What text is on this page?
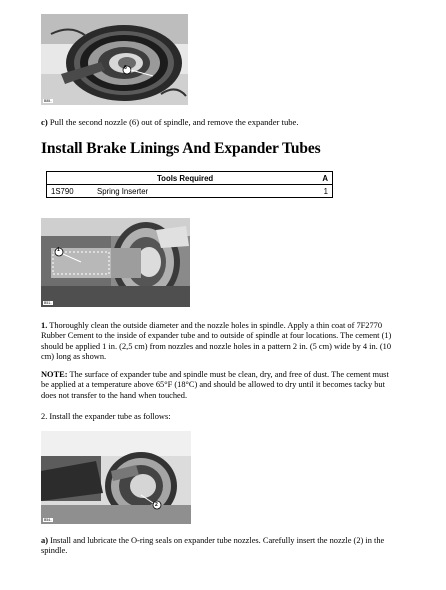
B85..
6
c) Pull the second nozzle (6) out of spindle, and remove the expander tube.
Install Brake Linings And Expander Tubes
	Tools Required	A
1S790	Spring Inserter	1
B51..
1

1. Thoroughly clean the outside diameter and the nozzle holes in spindle. Apply a thin coat of 7F2770 Rubber Cement to the inside of expander tube and to outside of spindle at four locations. The cement (1) should be applied 1 in. (2,5 cm) from nozzles and nozzle holes in a pattern 2 in. (5 cm) wide by 4 in. (10 cm) long as shown.

NOTE: The surface of expander tube and spindle must be clean, dry, and free of dust. The cement must be applied at a temperature above 65°F (18°C) and should be allowed to dry until it becomes tacky but does not transfer to the hand when touched.

2. Install the expander tube as follows:

B54..
2

a) Install and lubricate the O-ring seals on expander tube nozzles. Carefully insert the nozzle (2) in the spindle.
